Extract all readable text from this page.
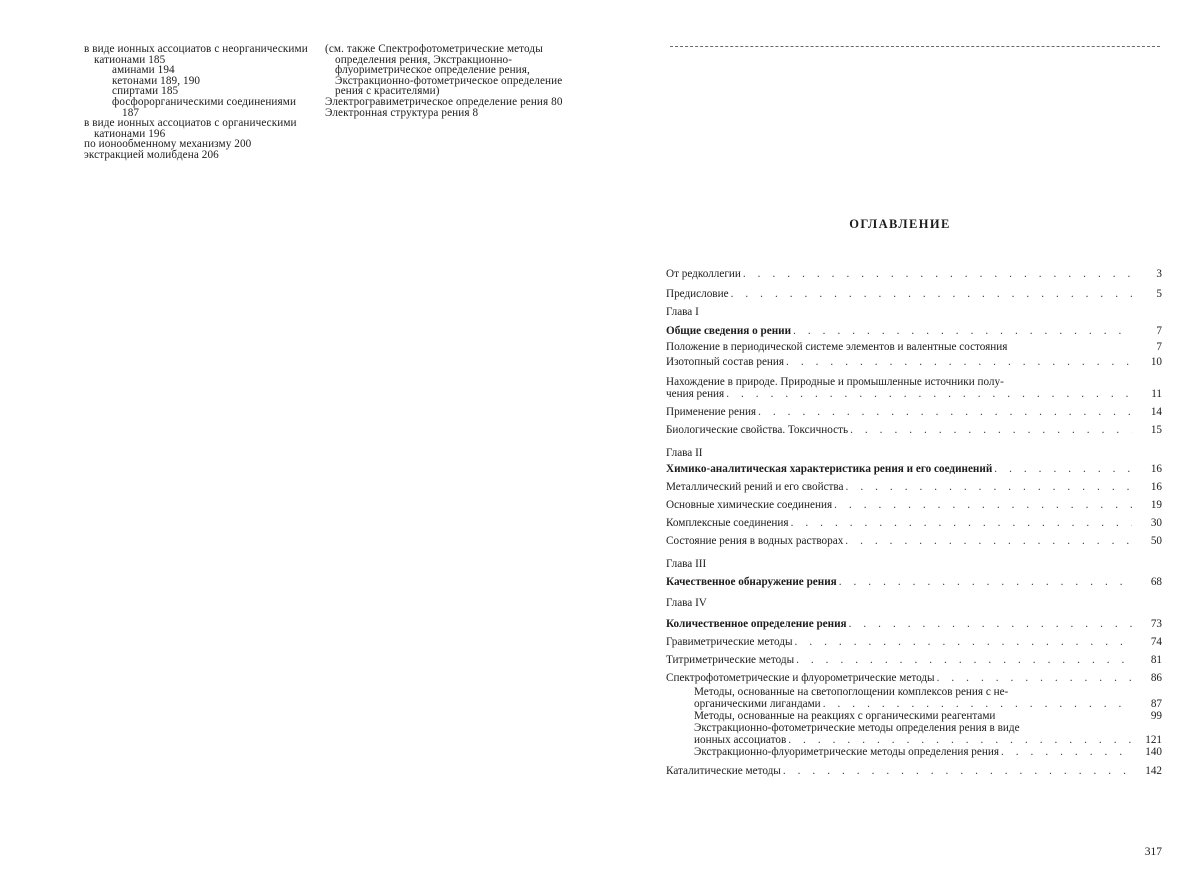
в виде ионных ассоциатов с неорганическими катионами 185
аминами 194
кетонами 189, 190
спиртами 185
фосфорорганическими соединениями 187
в виде ионных ассоциатов с органическими катионами 196
по ионообменному механизму 200
экстракцией молибдена 206
(см. также Спектрофотометрические методы определения рения, Экстракционно-флуориметрическое определение рения, Экстракционно-фотометрическое определение рения с красителями)
Электрогравиметрическое определение рения 80
Электронная структура рения 8
ОГЛАВЛЕНИЕ
От редколлегии . . .	3
Предисловие . . .	5
Глава I
Общие сведения о рении . . .	7
Положение в периодической системе элементов и валентные состояния	7
Изотопный состав рения . . .	10
Нахождение в природе. Природные и промышленные источники полу-
чения рения . . .	11
Применение рения . . .	14
Биологические свойства. Токсичность . . .	15
Глава II
Химико-аналитическая характеристика рения и его соединений . . .	16
Металлический рений и его свойства . . .	16
Основные химические соединения . . .	19
Комплексные соединения . . .	30
Состояние рения в водных растворах . . .	50
Глава III
Качественное обнаружение рения . . .	68
Глава IV
Количественное определение рения . . .	73
Гравиметрические методы . . .	74
Титриметрические методы . . .	81
Спектрофотометрические и флуорометрические методы . . .	86
Методы, основанные на светопоглощении комплексов рения с не-
органическими лигандами . . .	87
Методы, основанные на реакциях с органическими реагентами	99
Экстракционно-фотометрические методы определения рения в виде
ионных ассоциатов . . .	121
Экстракционно-флуориметрические методы определения рения . . .	140
Каталитические методы . . .	142
317
